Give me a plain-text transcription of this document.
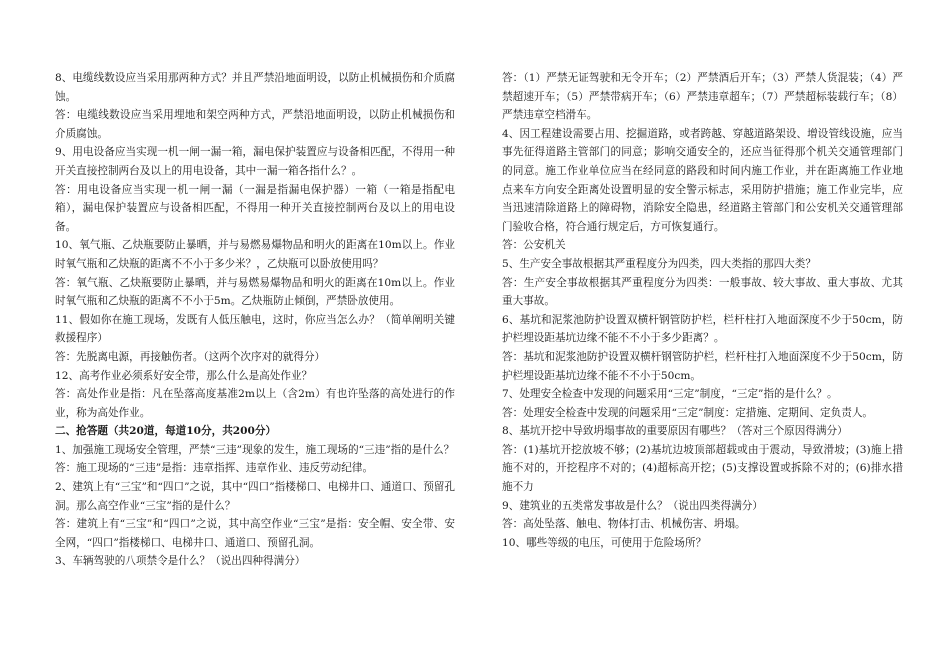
8、电缆线数设应当采用那两种方式？并且严禁沿地面明设，以防止机械损伤和介质腐蚀。

答：电缆线数设应当采用埋地和架空两种方式，严禁沿地面明设，以防止机械损伤和介质腐蚀。

9、用电设备应当实现一机一闸一漏一箱，漏电保护装置应与设备相匹配，不得用一种开关直接控制两台及以上的用电设备，其中一漏一箱各指什么？。

答：用电设备应当实现一机一闸一漏（一漏是指漏电保护器）一箱（一箱是指配电箱），漏电保护装置应与设备相匹配，不得用一种开关直接控制两台及以上的用电设备。

10、氧气瓶、乙炔瓶要防止暴晒，并与易燃易爆物品和明火的距离在10m以上。作业时氧气瓶和乙炔瓶的距离不不小于多少米？，乙炔瓶可以卧放使用吗？

答：氧气瓶、乙炔瓶要防止暴晒，并与易燃易爆物品和明火的距离在10m以上。作业时氧气瓶和乙炔瓶的距离不不小于5m。乙炔瓶防止倾倒，严禁卧放使用。

11、假如你在施工现场，发既有人低压触电，这时，你应当怎么办？（简单阐明关键救援程序）

答：先脱离电源，再接触伤者。（这两个次序对的就得分）

12、高考作业必须系好安全带，那么什么是高处作业？

答：高处作业是指：凡在坠落高度基准2m以上（含2m）有也许坠落的高处进行的作业，称为高处作业。

二、抢答题（共20道，每道10分，共200分）

1、加强施工现场安全管理，严禁“三违”现象的发生，施工现场的“三违”指的是什么？

答：施工现场的“三违”是指：违章指挥、违章作业、违反劳动纪律。

2、建筑上有“三宝”和“四口”之说，其中“四口”指楼梯口、电梯井口、通道口、预留孔洞。那么高空作业“三宝”指的是什么？

答：建筑上有“三宝”和“四口”之说，其中高空作业“三宝”是指：安全帽、安全带、安全网，“四口”指楼梯口、电梯井口、通道口、预留孔洞。

3、车辆驾驶的八项禁令是什么？（说出四种得满分）

答：（1）严禁无证驾驶和无令开车；（2）严禁酒后开车；（3）严禁人货混装；（4）严禁超速开车；（5）严禁带病开车；（6）严禁违章超车；（7）严禁超标装载行车；（8）严禁违章空档滑车。

4、因工程建设需要占用、挖掘道路，或者跨越、穿越道路架设、增设管线设施，应当事先征得道路主管部门的同意；影响交通安全的，还应当征得那个机关交通管理部门的同意。施工作业单位应当在经同意的路段和时间内施工作业，并在距离施工作业地点来车方向安全距离处设置明显的安全警示标志，采用防护措施；施工作业完毕，应当迅速清除道路上的障碍物，消除安全隐患，经道路主管部门和公安机关交通管理部门验收合格，符合通行规定后，方可恢复通行。

答：公安机关

5、生产安全事故根据其严重程度分为四类，四大类指的那四大类？

答：生产安全事故根据其严重程度分为四类：一般事故、较大事故、重大事故、尤其重大事故。

6、基坑和泥浆池防护设置双横杆钢管防护栏，栏杆柱打入地面深度不少于50cm，防护栏埋设距基坑边缘不能不不小于多少距离？。

答：基坑和泥浆池防护设置双横杆钢管防护栏，栏杆柱打入地面深度不少于50cm，防护栏埋设距基坑边缘不能不不小于50cm。

7、处理安全检查中发现的问题采用“三定”制度，“三定”指的是什么？。

答：处理安全检查中发现的问题采用“三定”制度：定措施、定期间、定负责人。

8、基坑开挖中导致坍塌事故的重要原因有哪些？（答对三个原因得满分）

答：(1)基坑开挖放坡不够；(2)基坑边坡顶部超载或由于震动，导致滑坡；(3)施上措施不对的，开挖程序不对的；(4)超标高开挖；(5)支撑设置或拆除不对的；(6)排水措施不力

9、建筑业的五类常发事故是什么？（说出四类得满分）

答：高处坠落、触电、物体打击、机械伤害、坍塌。

10、哪些等级的电压，可使用于危险场所？
